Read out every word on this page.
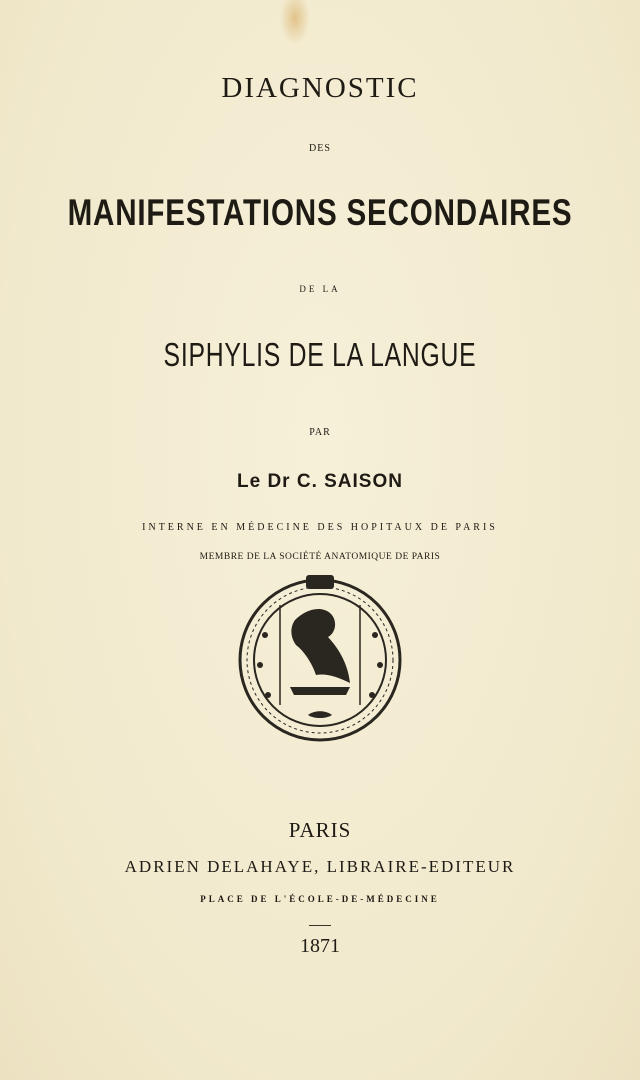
DIAGNOSTIC
DES
MANIFESTATIONS SECONDAIRES
DE LA
SIPHYLIS DE LA LANGUE
PAR
Le Dr C. SAISON
INTERNE EN MÉDECINE DES HOPITAUX DE PARIS
MEMBRE DE LA SOCIÉTÉ ANATOMIQUE DE PARIS
PARIS
ADRIEN DELAHAYE, LIBRAIRE-EDITEUR
PLACE DE L'ÉCOLE-DE-MÉDECINE
1871
